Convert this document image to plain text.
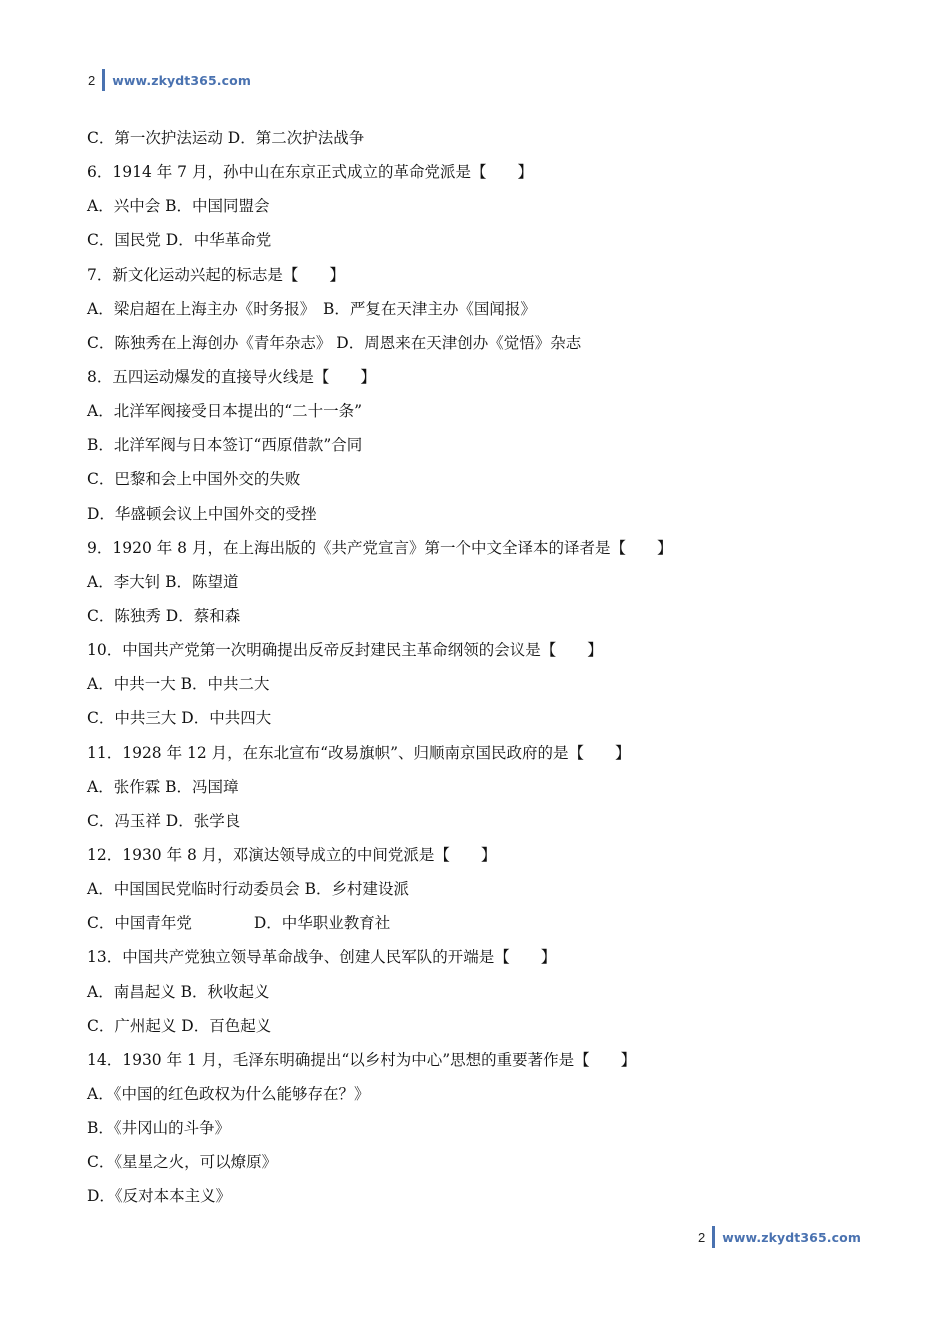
2 www.zkydt365.com
C．第一次护法运动 D．第二次护法战争
6．1914 年 7 月，孙中山在东京正式成立的革命党派是【　　】
A．兴中会 B．中国同盟会
C．国民党 D．中华革命党
7．新文化运动兴起的标志是【　　】
A．梁启超在上海主办《时务报》　B．严复在天津主办《国闻报》
C．陈独秀在上海创办《青年杂志》 D．周恩来在天津创办《觉悟》杂志
8．五四运动爆发的直接导火线是【　　】
A．北洋军阀接受日本提出的“二十一条”
B．北洋军阀与日本签订“西原借款”合同
C．巴黎和会上中国外交的失败
D．华盛顿会议上中国外交的受挫
9．1920 年 8 月，在上海出版的《共产党宣言》第一个中文全译本的译者是【　　】
A．李大钊 B．陈望道
C．陈独秀 D．蔡和森
10．中国共产党第一次明确提出反帝反封建民主革命纲领的会议是【　　】
A．中共一大 B．中共二大
C．中共三大 D．中共四大
11．1928 年 12 月，在东北宣布“改易旗帜”、归顺南京国民政府的是【　　】
A．张作霖 B．冯国璋
C．冯玉祥 D．张学良
12．1930 年 8 月，邓演达领导成立的中间党派是【　　】
A．中国国民党临时行动委员会 B．乡村建设派
C．中国青年党　　　　D．中华职业教育社
13．中国共产党独立领导革命战争、创建人民军队的开端是【　　】
A．南昌起义 B．秋收起义
C．广州起义 D．百色起义
14．1930 年 1 月，毛泽东明确提出“以乡村为中心”思想的重要著作是【　　】
A．《中国的红色政权为什么能够存在？》
B．《井冈山的斗争》
C．《星星之火，可以燎原》
D．《反对本本主义》
2 www.zkydt365.com
